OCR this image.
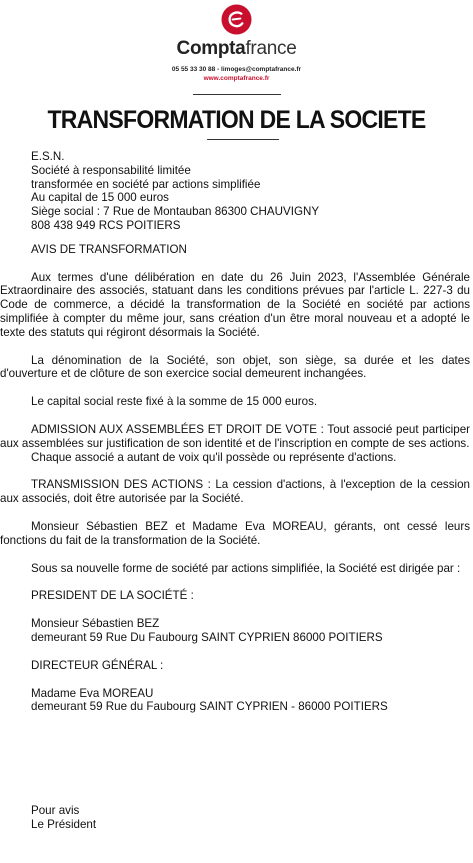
Comptafrance
05 55 33 30 88 - limoges@comptafrance.fr
www.comptafrance.fr
TRANSFORMATION DE LA SOCIETE

E.S.N.

Société à responsabilité limitée

transformée en société par actions simplifiée

Au capital de 15 000 euros

Siège social : 7 Rue de Montauban 86300 CHAUVIGNY

808 438 949 RCS POITIERS

AVIS DE TRANSFORMATION

Aux termes d'une délibération en date du 26 Juin 2023, l'Assemblée Générale Extraordinaire des associés, statuant dans les conditions prévues par l'article L. 227-3 du Code de commerce, a décidé la transformation de la Société en société par actions simplifiée à compter du même jour, sans création d'un être moral nouveau et a adopté le texte des statuts qui régiront désormais la Société.

La dénomination de la Société, son objet, son siège, sa durée et les dates d'ouverture et de clôture de son exercice social demeurent inchangées.

Le capital social reste fixé à la somme de 15 000 euros.

ADMISSION AUX ASSEMBLÉES ET DROIT DE VOTE : Tout associé peut participer aux assemblées sur justification de son identité et de l'inscription en compte de ses actions.

Chaque associé a autant de voix qu'il possède ou représente d'actions.

TRANSMISSION DES ACTIONS : La cession d'actions, à l'exception de la cession aux associés, doit être autorisée par la Société.

Monsieur Sébastien BEZ et Madame Eva MOREAU, gérants, ont cessé leurs fonctions du fait de la transformation de la Société.

Sous sa nouvelle forme de société par actions simplifiée, la Société est dirigée par :

PRESIDENT DE LA SOCIÉTÉ :

Monsieur Sébastien BEZ

demeurant 59 Rue Du Faubourg SAINT CYPRIEN 86000 POITIERS

DIRECTEUR GÉNÉRAL :

Madame Eva MOREAU

demeurant 59 Rue du Faubourg SAINT CYPRIEN - 86000 POITIERS

Pour avis
Le Président
